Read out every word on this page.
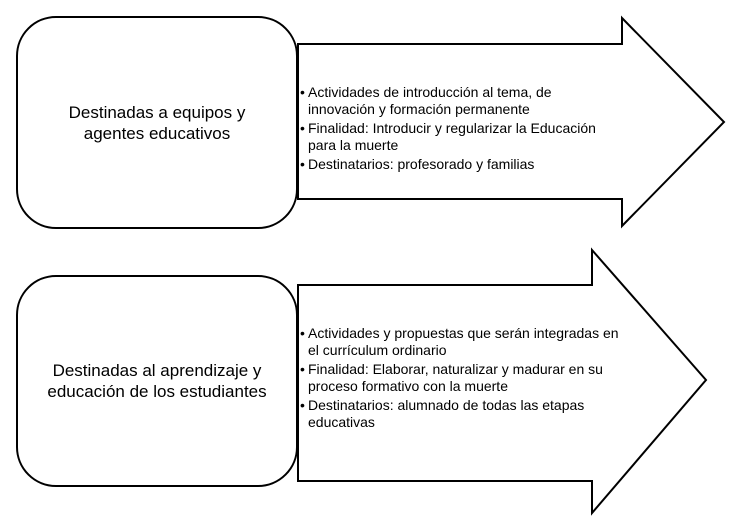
Destinadas a equipos y agentes educativos
• Actividades de introducción al tema, de innovación y formación permanente
• Finalidad: Introducir y regularizar la Educación para la muerte
• Destinatarios: profesorado y familias
Destinadas al aprendizaje y educación de los estudiantes
• Actividades y propuestas que serán integradas en el currículum ordinario
• Finalidad: Elaborar, naturalizar y madurar en su proceso formativo con la muerte
• Destinatarios: alumnado de todas las etapas educativas
